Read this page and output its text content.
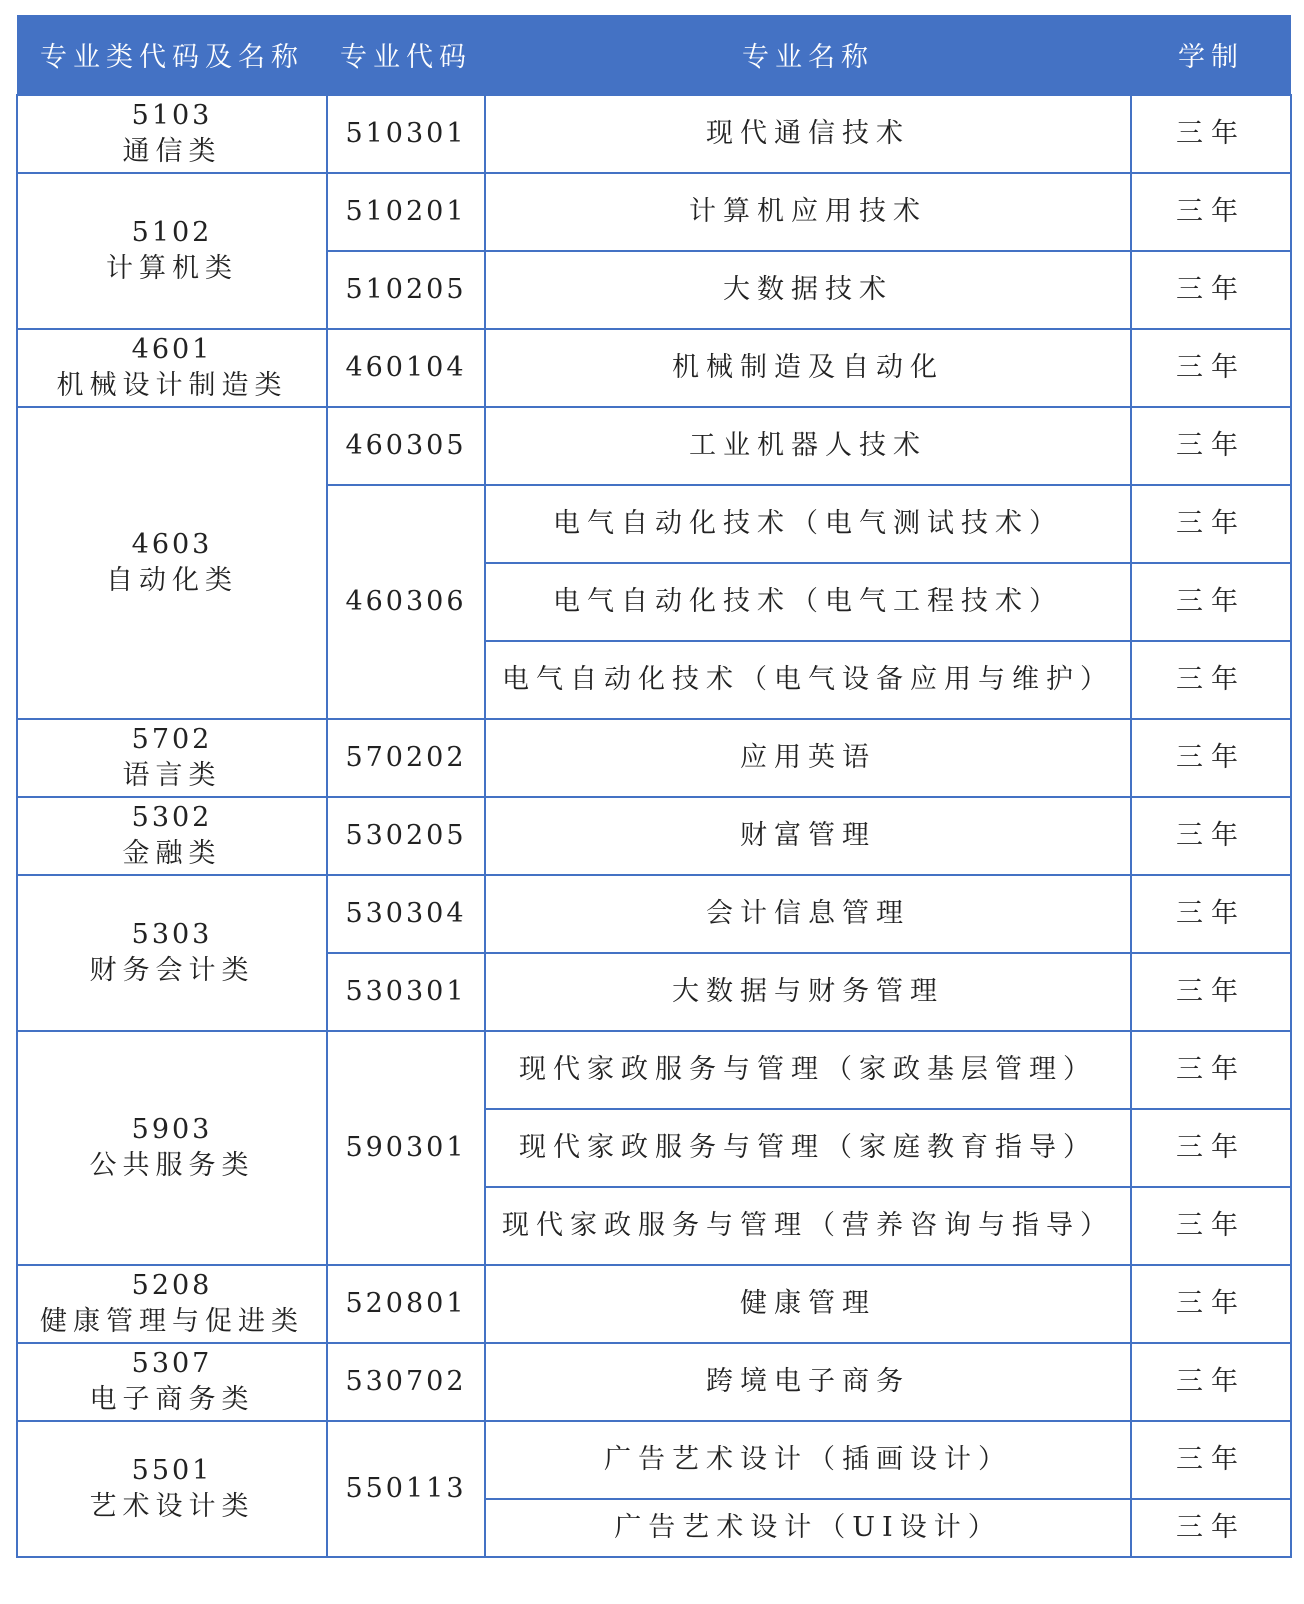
专业类代码及名称	专业代码	专业名称	学制

5103
通信类	510301	现代通信技术	三年

5102
计算机类	510201	计算机应用技术	三年
	510205	大数据技术	三年

4601
机械设计制造类	460104	机械制造及自动化	三年

4603
自动化类	460305	工业机器人技术	三年
	460306	电气自动化技术（电气测试技术）	三年
		电气自动化技术（电气工程技术）	三年
		电气自动化技术（电气设备应用与维护）	三年

5702
语言类	570202	应用英语	三年

5302
金融类	530205	财富管理	三年

5303
财务会计类	530304	会计信息管理	三年
	530301	大数据与财务管理	三年

5903
公共服务类	590301	现代家政服务与管理（家政基层管理）	三年
		现代家政服务与管理（家庭教育指导）	三年
		现代家政服务与管理（营养咨询与指导）	三年

5208
健康管理与促进类	520801	健康管理	三年

5307
电子商务类	530702	跨境电子商务	三年

5501
艺术设计类	550113	广告艺术设计（插画设计）	三年
		广告艺术设计（UI设计）	三年
